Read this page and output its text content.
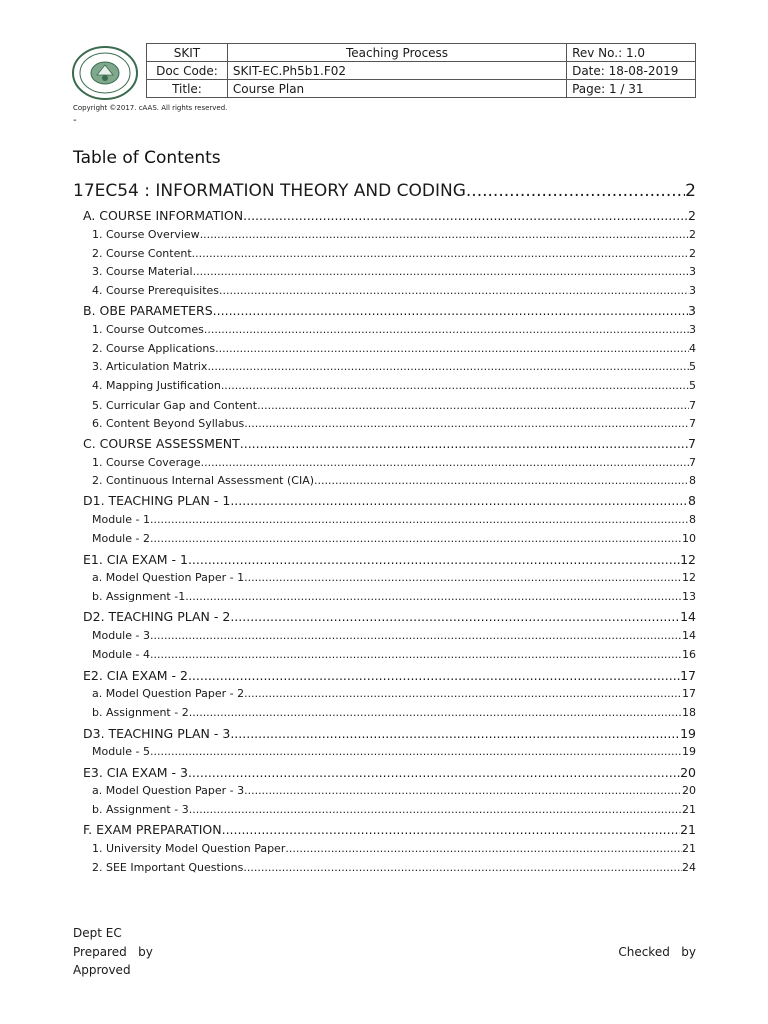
SKIT	Teaching Process	Rev No.: 1.0
Doc Code:	SKIT-EC.Ph5b1.F02	Date: 18-08-2019
Title:	Course Plan	Page: 1 / 31
Copyright ©2017. cAAS. All rights reserved.
-
Table of Contents
17EC54 : INFORMATION THEORY AND CODING .....	2
A. COURSE INFORMATION .....	2
1. Course Overview .....	2
2. Course Content .....	2
3. Course Material .....	3
4. Course Prerequisites .....	3
B. OBE PARAMETERS .....	3
1. Course Outcomes .....	3
2. Course Applications .....	4
3. Articulation Matrix .....	5
4. Mapping Justification .....	5
5. Curricular Gap and Content .....	7
6. Content Beyond Syllabus .....	7
C. COURSE ASSESSMENT .....	7
1. Course Coverage .....	7
2. Continuous Internal Assessment (CIA) .....	8
D1. TEACHING PLAN - 1 .....	8
Module - 1 .....	8
Module - 2 .....	10
E1. CIA EXAM - 1 .....	12
a. Model Question Paper - 1 .....	12
b. Assignment -1 .....	13
D2. TEACHING PLAN - 2 .....	14
Module - 3 .....	14
Module - 4 .....	16
E2. CIA EXAM - 2 .....	17
a. Model Question Paper - 2 .....	17
b. Assignment - 2 .....	18
D3. TEACHING PLAN - 3 .....	19
Module - 5 .....	19
E3. CIA EXAM - 3 .....	20
a. Model Question Paper - 3 .....	20
b. Assignment - 3 .....	21
F. EXAM PREPARATION .....	21
1. University Model Question Paper .....	21
2. SEE Important Questions .....	24
Dept EC
Prepared   by	Checked   by
Approved
